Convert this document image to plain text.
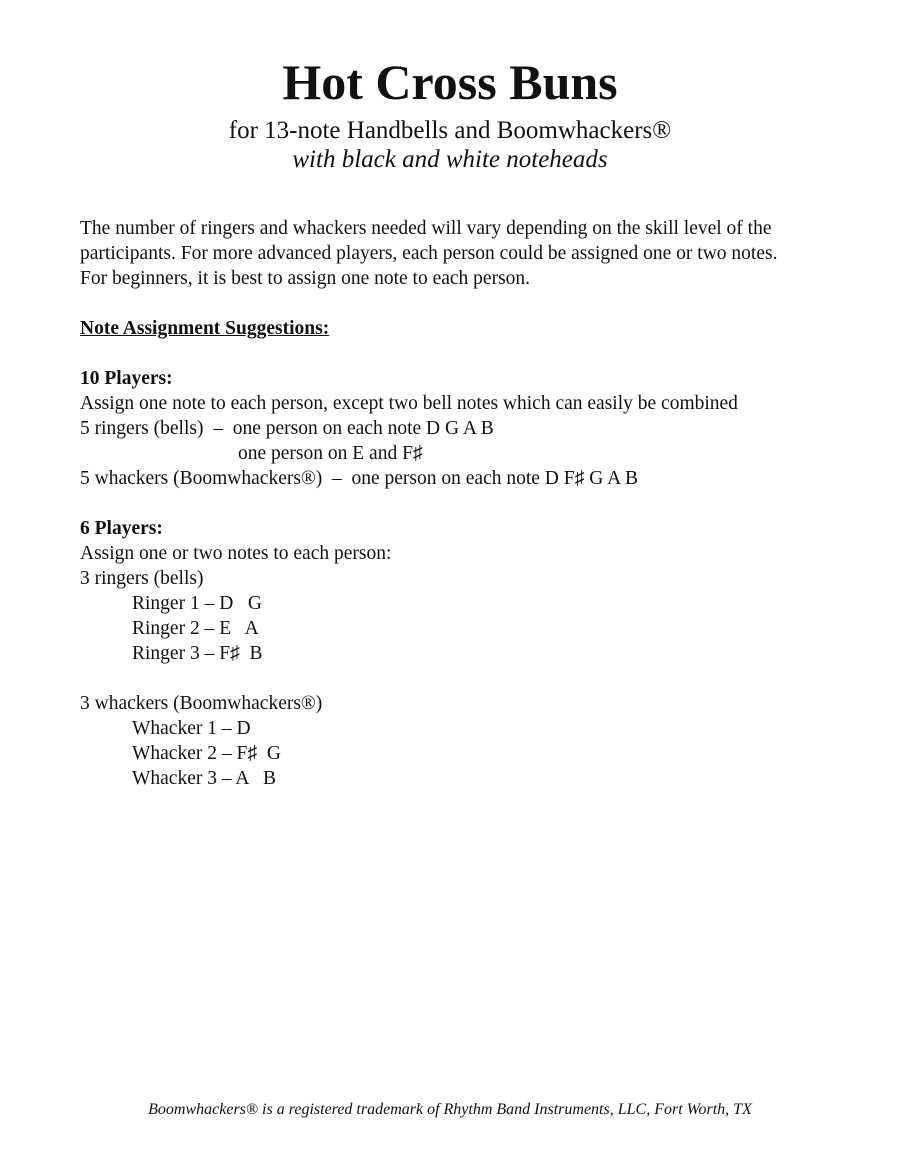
Hot Cross Buns
for 13-note Handbells and Boomwhackers®
with black and white noteheads

The number of ringers and whackers needed will vary depending on the skill level of the

participants. For more advanced players, each person could be assigned one or two notes.

For beginners, it is best to assign one note to each person.

Note Assignment Suggestions:

10 Players:

Assign one note to each person, except two bell notes which can easily be combined

5 ringers (bells)  –  one person on each note D G A B

one person on E and F♯

5 whackers (Boomwhackers®)  –  one person on each note D F♯ G A B

6 Players:

Assign one or two notes to each person:

3 ringers (bells)

Ringer 1 – D   G

Ringer 2 – E   A

Ringer 3 – F♯  B

3 whackers (Boomwhackers®)

Whacker 1 – D

Whacker 2 – F♯  G

Whacker 3 – A   B

Boomwhackers® is a registered trademark of Rhythm Band Instruments, LLC, Fort Worth, TX
